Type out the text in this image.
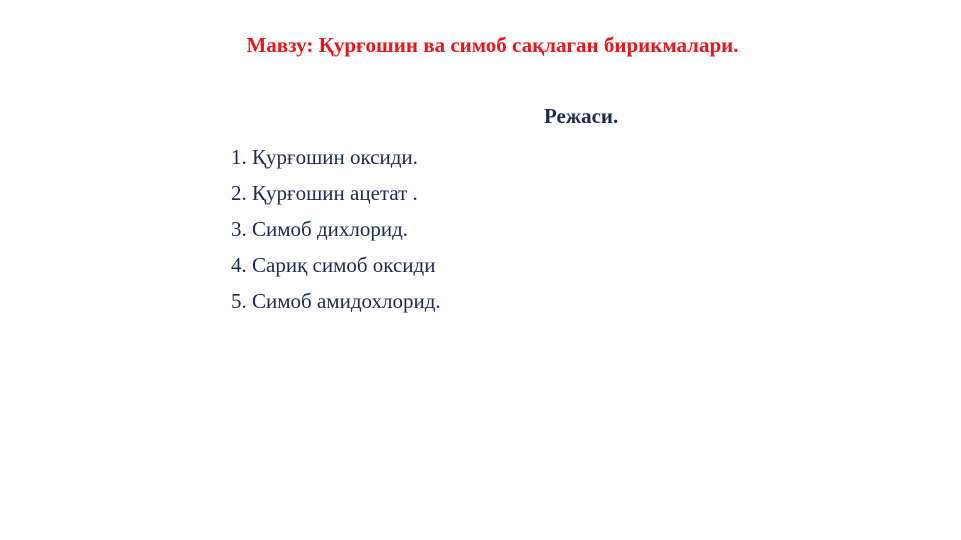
Мавзу: Қурғошин ва симоб сақлаган бирикмалари.
Режаси.
1. Қурғошин оксиди.
2. Қурғошин ацетат .
3. Симоб дихлорид.
4. Сариқ симоб оксиди
5. Симоб амидохлорид.
